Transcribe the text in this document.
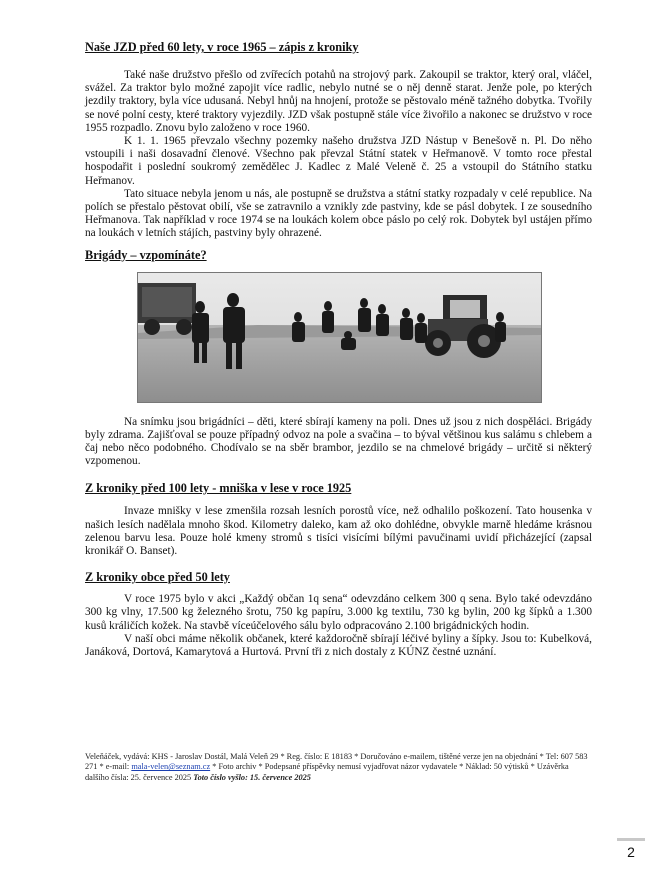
Naše JZD před 60 lety, v roce 1965 – zápis z kroniky

Také naše družstvo přešlo od zvířecích potahů na strojový park. Zakoupil se traktor, který oral, vláčel, svážel. Za traktor bylo možné zapojit více radlic, nebylo nutné se o něj denně starat. Jenže pole, po kterých jezdily traktory, byla více udusaná. Nebyl hnůj na hnojení, protože se pěstovalo méně tažného dobytka. Tvořily se nové polní cesty, které traktory vyjezdily. JZD však postupně stále více živořilo a nakonec se družstvo v roce 1955 rozpadlo. Znovu bylo založeno v roce 1960.

K 1. 1. 1965 převzalo všechny pozemky našeho družstva JZD Nástup v Benešově n. Pl. Do něho vstoupili i naši dosavadní členové. Všechno pak převzal Státní statek v Heřmanově. V tomto roce přestal hospodařit i poslední soukromý zemědělec J. Kadlec z Malé Veleně č. 25 a vstoupil do Státního statku Heřmanov.

Tato situace nebyla jenom u nás, ale postupně se družstva a státní statky rozpadaly v celé republice. Na polích se přestalo pěstovat obilí, vše se zatravnilo a vznikly zde pastviny, kde se pásl dobytek. I ze sousedního Heřmanova. Tak například v roce 1974 se na loukách kolem obce páslo po celý rok. Dobytek byl ustájen přímo na loukách v letních stájích, pastviny byly ohrazené.

Brigády – vzpomínáte?

Na snímku jsou brigádníci – děti, které sbírají kameny na poli. Dnes už jsou z nich dospěláci. Brigády byly zdrama. Zajišťoval se pouze případný odvoz na pole a svačina – to býval většinou kus salámu s chlebem a čaj nebo něco podobného. Chodívalo se na sběr brambor, jezdilo se na chmelové brigády – určitě si některý vzpomenou.

Z kroniky před 100 lety - mniška v lese v roce 1925

Invaze mnišky v lese zmenšila rozsah lesních porostů více, než odhalilo poškození. Tato housenka v našich lesích nadělala mnoho škod. Kilometry daleko, kam až oko dohlédne, obvykle marně hledáme krásnou zelenou barvu lesa. Pouze holé kmeny stromů s tisíci visícími bílými pavučinami uvidí přicházející (zapsal kronikář O. Banset).

Z kroniky obce před 50 lety

V roce 1975 bylo v akci „Každý občan 1q sena“ odevzdáno celkem 300 q sena. Bylo také odevzdáno 300 kg vlny, 17.500 kg železného šrotu, 750 kg papíru, 3.000 kg textilu, 730 kg bylin, 200 kg šípků a 1.300 kusů králičích kožek. Na stavbě víceúčelového sálu bylo odpracováno 2.100 brigádnických hodin.

V naší obci máme několik občanek, které každoročně sbírají léčivé byliny a šípky. Jsou to: Kubelková, Janáková, Dortová, Kamarytová a Hurtová. První tři z nich dostaly z KÚNZ čestné uznání.

Veleňáček, vydává: KHS - Jaroslav Dostál, Malá Veleň 29 * Reg. číslo: E 18183 * Doručováno e-mailem, tištěné verze jen na objednání * Tel: 607 583 271 * e-mail: mala-velen@seznam.cz * Foto archiv * Podepsané příspěvky nemusí vyjadřovat názor vydavatele * Náklad: 50 výtisků * Uzávěrka dalšího čísla: 25. července 2025 Toto číslo vyšlo: 15. července 2025
2
